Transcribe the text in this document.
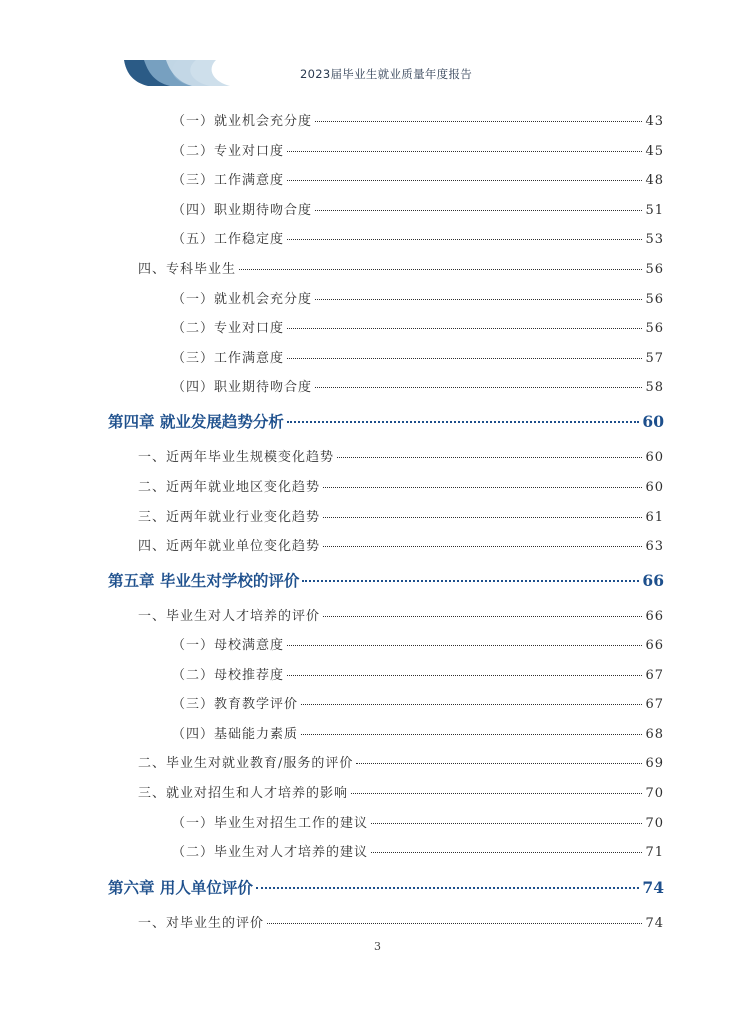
2023届毕业生就业质量年度报告
（一）就业机会充分度	43
（二）专业对口度	45
（三）工作满意度	48
（四）职业期待吻合度	51
（五）工作稳定度	53
四、专科毕业生	56
（一）就业机会充分度	56
（二）专业对口度	56
（三）工作满意度	57
（四）职业期待吻合度	58
第四章 就业发展趋势分析	60
一、近两年毕业生规模变化趋势	60
二、近两年就业地区变化趋势	60
三、近两年就业行业变化趋势	61
四、近两年就业单位变化趋势	63
第五章 毕业生对学校的评价	66
一、毕业生对人才培养的评价	66
（一）母校满意度	66
（二）母校推荐度	67
（三）教育教学评价	67
（四）基础能力素质	68
二、毕业生对就业教育/服务的评价	69
三、就业对招生和人才培养的影响	70
（一）毕业生对招生工作的建议	70
（二）毕业生对人才培养的建议	71
第六章 用人单位评价	74
一、对毕业生的评价	74
3
